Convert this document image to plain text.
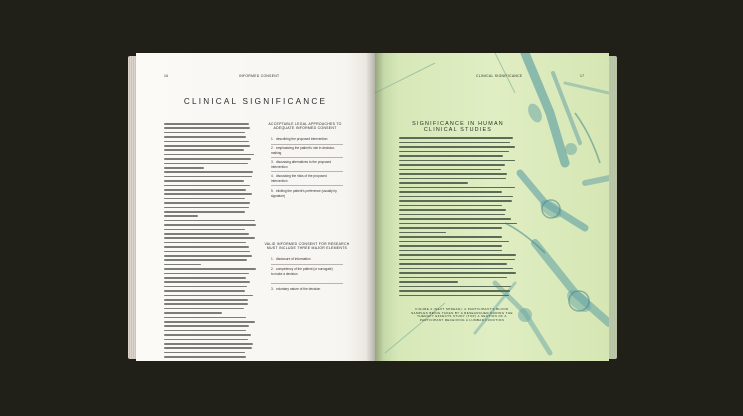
16	INFORMED CONSENT
CLINICAL SIGNIFICANCE
ACCEPTABLE LEGAL APPROACHES TO ADEQUATE INFORMED CONSENT
1. describing the proposed intervention
2. emphasizing the patient's role in decision-making
3. discussing alternatives to the proposed intervention
4. discussing the risks of the proposed intervention
5. eliciting the patient's preference (usually by signature)
VALID INFORMED CONSENT FOR RESEARCH MUST INCLUDE THREE MAJOR ELEMENTS
1. disclosure of information
2. competency of the patient (or surrogate) to make a decision
3. voluntary nature of the decision
CLINICAL SIGNIFICANCE	17
SIGNIFICANCE IN HUMAN CLINICAL STUDIES
FIGURE 2 (NEXT SPREAD): A PARTICIPANT'S BLOOD SAMPLES BEING TAKEN BY A RESEARCHER DURING THE THERAPY EFFECTS STUDY (TOP) A SECTION OF A PARTICIPANT RECEIVING A LUMBAR FUNCTION
